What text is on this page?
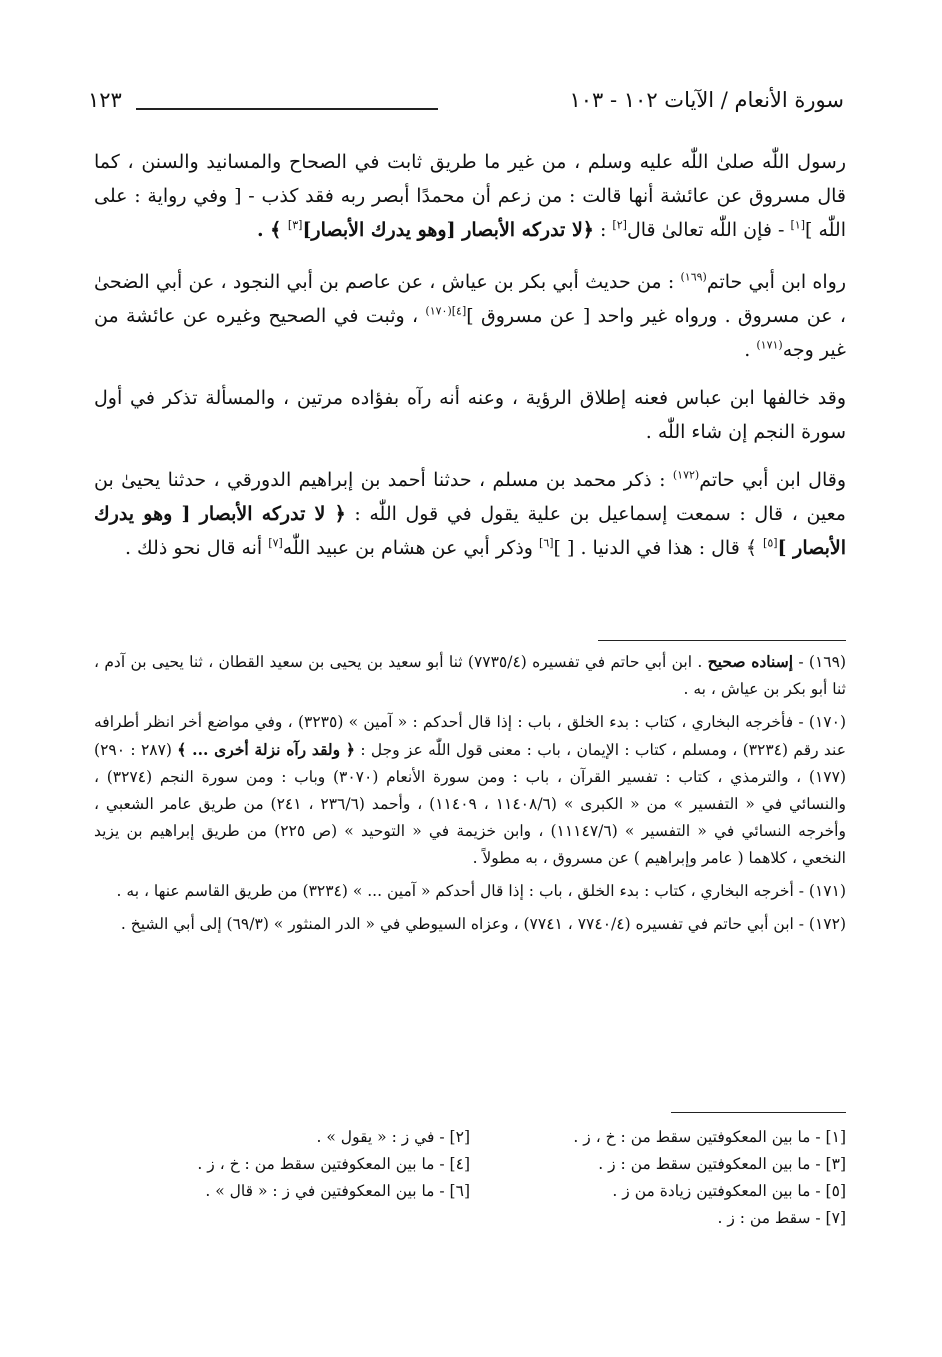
سورة الأنعام / الآيات ١٠٢ - ١٠٣
١٢٣

رسول اللّٰه صلىٰ اللّٰه عليه وسلم ، من غير ما طريق ثابت في الصحاح والمسانيد والسنن ، كما قال مسروق عن عائشة أنها قالت : من زعم أن محمدًا أبصر ربه فقد كذب - [ وفي رواية : على اللّٰه ][١] - فإن اللّٰه تعالىٰ قال[٢] : ﴿لا تدركه الأبصار [وهو يدرك الأبصار][٣] ﴾ .

رواه ابن أبي حاتم$^{(١٦٩)}$ : من حديث أبي بكر بن عياش ، عن عاصم بن أبي النجود ، عن أبي الضحىٰ ، عن مسروق . ورواه غير واحد [ عن مسروق ]$^{[٤](١٧٠)}$ ، وثبت في الصحيح وغيره عن عائشة من غير وجه$^{(١٧١)}$ .

وقد خالفها ابن عباس فعنه إطلاق الرؤية ، وعنه أنه رآه بفؤاده مرتين ، والمسألة تذكر في أول سورة النجم إن شاء اللّٰه .

وقال ابن أبي حاتم$^{(١٧٢)}$ : ذكر محمد بن مسلم ، حدثنا أحمد بن إبراهيم الدورقي ، حدثنا يحيىٰ بن معين ، قال : سمعت إسماعيل بن علية يقول في قول اللّٰه : ﴿ لا تدركه الأبصار [ وهو يدرك الأبصار ][٥] ﴾ قال : هذا في الدنيا . [ ][٦] وذكر أبي عن هشام بن عبيد اللّٰه[٧] أنه قال نحو ذلك .

(١٦٩) - إسناده صحيح . ابن أبي حاتم في تفسيره (٧٧٣٥/٤) ثنا أبو سعيد بن يحيى بن سعيد القطان ، ثنا يحيى بن آدم ، ثنا أبو بكر بن عياش ، به .

(١٧٠) - فأخرجه البخاري ، كتاب : بدء الخلق ، باب : إذا قال أحدكم : « آمين » (٣٢٣٥) ، وفي مواضع أخر انظر أطرافه عند رقم (٣٢٣٤) ، ومسلم ، كتاب : الإيمان ، باب : معنى قول اللّٰه عز وجل : ﴿ ولقد رآه نزلة أخرى ... ﴾ (٢٨٧ : ٢٩٠) (١٧٧) ، والترمذي ، كتاب : تفسير القرآن ، باب : ومن سورة الأنعام (٣٠٧٠) وباب : ومن سورة النجم (٣٢٧٤) ، والنسائي في « التفسير » من « الكبرى » (١١٤٠٨/٦ ، ١١٤٠٩) ، وأحمد (٢٣٦/٦ ، ٢٤١) من طريق عامر الشعبي ، وأخرجه النسائي في « التفسير » (١١١٤٧/٦) ، وابن خزيمة في « التوحيد » (ص ٢٢٥) من طريق إبراهيم بن يزيد النخعي ، كلاهما ( عامر وإبراهيم ) عن مسروق ، به مطولاً .

(١٧١) - أخرجه البخاري ، كتاب : بدء الخلق ، باب : إذا قال أحدكم « آمين ... » (٣٢٣٤) من طريق القاسم عنها ، به .

(١٧٢) - ابن أبي حاتم في تفسيره (٧٧٤٠/٤ ، ٧٧٤١) ، وعزاه السيوطي في « الدر المنثور » (٦٩/٣) إلى أبي الشيخ .

[١] - ما بين المعكوفتين سقط من : خ ، ز .
[٢] - في ز : « يقول » .
[٣] - ما بين المعكوفتين سقط من : ز .
[٤] - ما بين المعكوفتين سقط من : خ ، ز .
[٥] - ما بين المعكوفتين زيادة من ز .
[٦] - ما بين المعكوفتين في ز : « قال » .
[٧] - سقط من : ز .
